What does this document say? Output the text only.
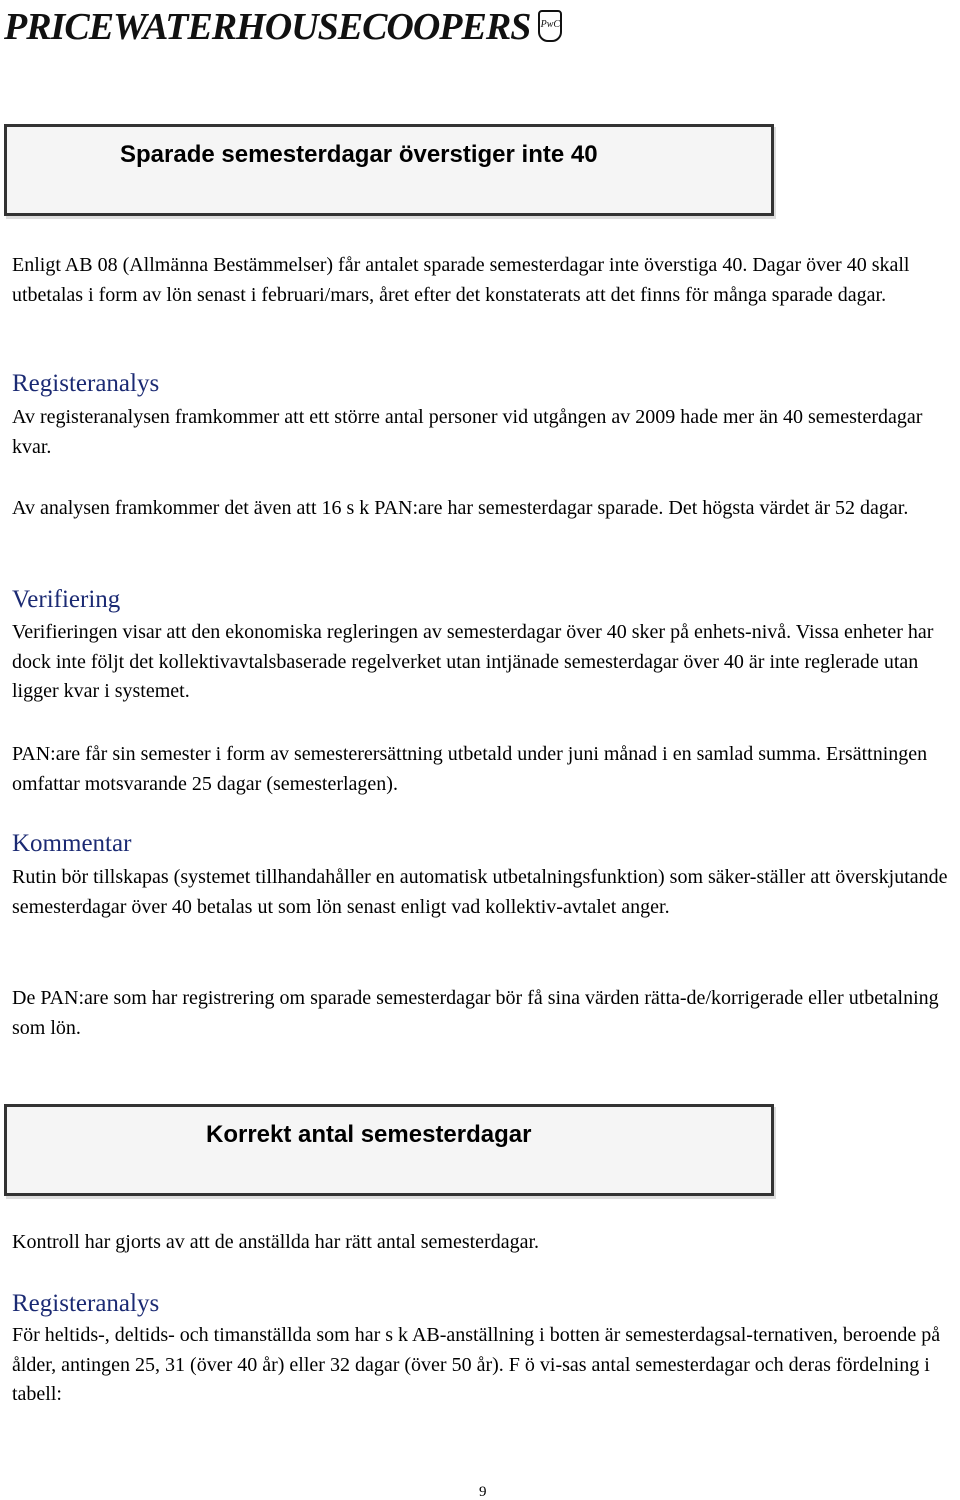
PRICEWATERHOUSECOOPERS PwC
Sparade semesterdagar överstiger inte 40

Enligt AB 08 (Allmänna Bestämmelser) får antalet sparade semesterdagar inte överstiga 40. Dagar över 40 skall utbetalas i form av lön senast i februari/mars, året efter det konstaterats att det finns för många sparade dagar.

Registeranalys

Av registeranalysen framkommer att ett större antal personer vid utgången av 2009 hade mer än 40 semesterdagar kvar.

Av analysen framkommer det även att 16 s k PAN:are har semesterdagar sparade. Det högsta värdet är 52 dagar.

Verifiering

Verifieringen visar att den ekonomiska regleringen av semesterdagar över 40 sker på enhets-nivå. Vissa enheter har dock inte följt det kollektivavtalsbaserade regelverket utan intjänade semesterdagar över 40 är inte reglerade utan ligger kvar i systemet.

PAN:are får sin semester i form av semesterersättning utbetald under juni månad i en samlad summa. Ersättningen omfattar motsvarande 25 dagar (semesterlagen).

Kommentar

Rutin bör tillskapas (systemet tillhandahåller en automatisk utbetalningsfunktion) som säker-ställer att överskjutande semesterdagar över 40 betalas ut som lön senast enligt vad kollektiv-avtalet anger.

De PAN:are som har registrering om sparade semesterdagar bör få sina värden rätta-de/korrigerade eller utbetalning som lön.

Korrekt antal semesterdagar

Kontroll har gjorts av att de anställda har rätt antal semesterdagar.

Registeranalys

För heltids-, deltids- och timanställda som har s k AB-anställning i botten är semesterdagsal-ternativen, beroende på ålder, antingen 25, 31 (över 40 år) eller 32 dagar (över 50 år). F ö vi-sas antal semesterdagar och deras fördelning i tabell:

9
